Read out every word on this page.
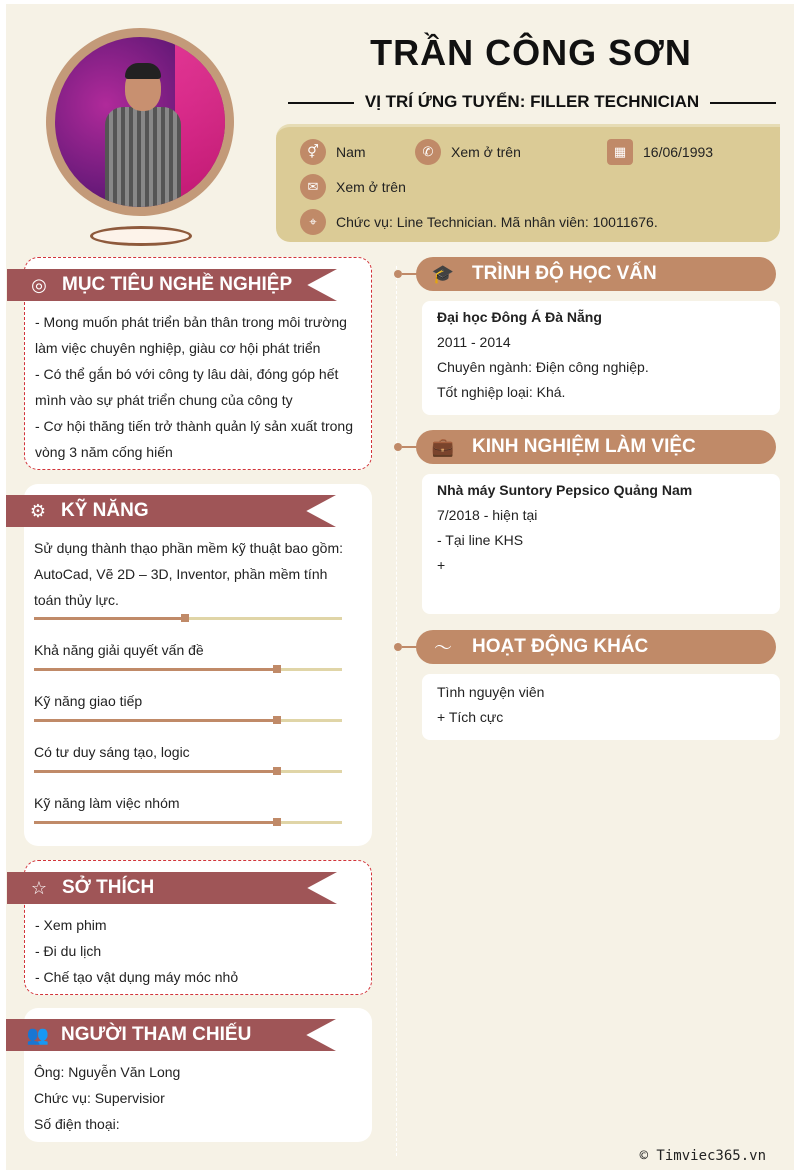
TRẦN CÔNG SƠN
VỊ TRÍ ỨNG TUYỂN: FILLER TECHNICIAN
⚥	Nam	✆	Xem ở trên	▦	16/06/1993
✉	Xem ở trên
⌖	Chức vụ: Line Technician. Mã nhân viên: 10011676.
◎ MỤC TIÊU NGHỀ NGHIỆP

- Mong muốn phát triển bản thân trong môi trường làm việc chuyên nghiệp, giàu cơ hội phát triển

- Có thể gắn bó với công ty lâu dài, đóng góp hết mình vào sự phát triển chung của công ty

- Cơ hội thăng tiến trở thành quản lý sản xuất trong vòng 3 năm cống hiến

⚙ KỸ NĂNG
Sử dụng thành thạo phần mềm kỹ thuật bao gồm: AutoCad, Vẽ 2D – 3D, Inventor, phần mềm tính toán thủy lực.
Khả năng giải quyết vấn đề
Kỹ năng giao tiếp
Có tư duy sáng tạo, logic
Kỹ năng làm việc nhóm
☆ SỞ THÍCH

- Xem phim

- Đi du lịch

- Chế tạo vật dụng máy móc nhỏ

👥 NGƯỜI THAM CHIẾU

Ông: Nguyễn Văn Long

Chức vụ: Supervisior

Số điện thoại:

🎓 TRÌNH ĐỘ HỌC VẤN
Đại học Đông Á Đà Nẵng
2011 - 2014
Chuyên ngành: Điện công nghiệp.
Tốt nghiệp loại: Khá.
💼 KINH NGHIỆM LÀM VIỆC
Nhà máy Suntory Pepsico Quảng Nam
7/2018 - hiện tại
- Tại line KHS
+
〜 HOẠT ĐỘNG KHÁC
Tình nguyện viên
+ Tích cực
© Timviec365.vn
